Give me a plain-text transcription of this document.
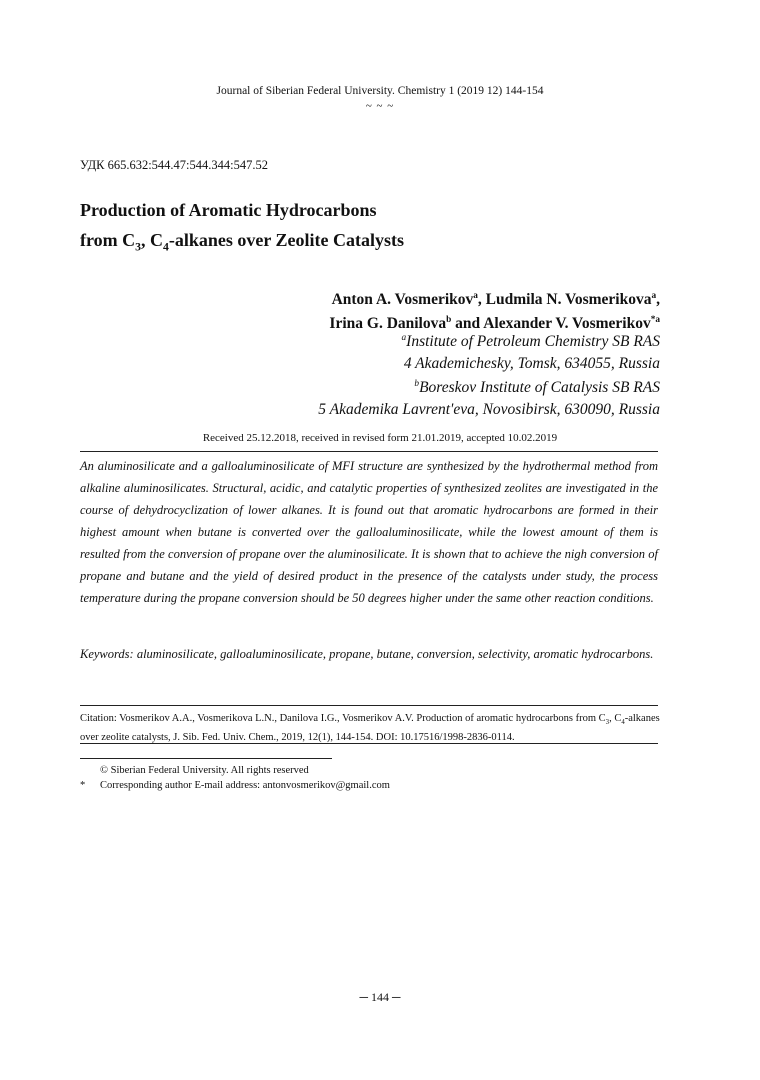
Journal of Siberian Federal University. Chemistry 1 (2019 12) 144-154
~ ~ ~
УДК 665.632:544.47:544.344:547.52
Production of Aromatic Hydrocarbons
from $C_3$, $C_4$-alkanes over Zeolite Catalysts
Anton A. Vosmerikov$^a$, Ludmila N. Vosmerikova$^a$,
Irina G. Danilova$^b$ and Alexander V. Vosmerikov$^{*a}$
$^a$Institute of Petroleum Chemistry SB RAS
4 Akademichesky, Tomsk, 634055, Russia
$^b$Boreskov Institute of Catalysis SB RAS
5 Akademika Lavrent'eva, Novosibirsk, 630090, Russia
Received 25.12.2018, received in revised form 21.01.2019, accepted 10.02.2019
An aluminosilicate and a galloaluminosilicate of MFI structure are synthesized by the hydrothermal method from alkaline aluminosilicates. Structural, acidic, and catalytic properties of synthesized zeolites are investigated in the course of dehydrocyclization of lower alkanes. It is found out that aromatic hydrocarbons are formed in their highest amount when butane is converted over the galloaluminosilicate, while the lowest amount of them is resulted from the conversion of propane over the aluminosilicate. It is shown that to achieve the nigh conversion of propane and butane and the yield of desired product in the presence of the catalysts under study, the process temperature during the propane conversion should be 50 degrees higher under the same other reaction conditions.
Keywords: aluminosilicate, galloaluminosilicate, propane, butane, conversion, selectivity, aromatic hydrocarbons.
Citation: Vosmerikov A.A., Vosmerikova L.N., Danilova I.G., Vosmerikov A.V. Production of aromatic hydrocarbons from $C_3$, $C_4$-alkanes over zeolite catalysts, J. Sib. Fed. Univ. Chem., 2019, 12(1), 144-154. DOI: 10.17516/1998-2836-0114.
© Siberian Federal University. All rights reserved
*	Corresponding author E-mail address: antonvosmerikov@gmail.com
─ 144 ─
